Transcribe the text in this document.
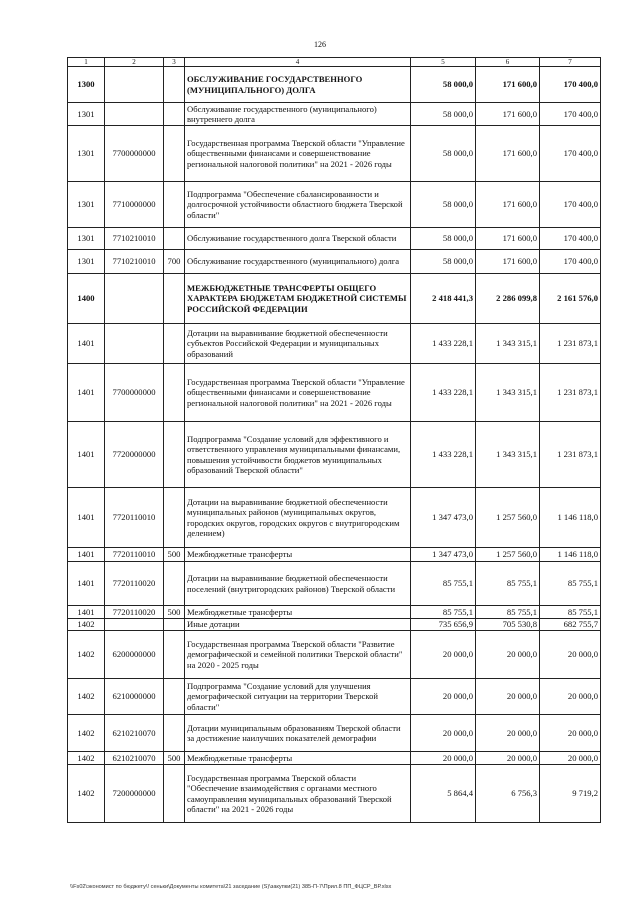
126
1	2	3	4	5	6	7
1300			ОБСЛУЖИВАНИЕ ГОСУДАРСТВЕННОГО (МУНИЦИПАЛЬНОГО) ДОЛГА	58 000,0	171 600,0	170 400,0
1301			Обслуживание государственного (муниципального) внутреннего долга	58 000,0	171 600,0	170 400,0
1301	7700000000		Государственная программа Тверской области "Управление общественными финансами и совершенствование региональной налоговой политики" на 2021 - 2026 годы	58 000,0	171 600,0	170 400,0
1301	7710000000		Подпрограмма "Обеспечение сбалансированности и долгосрочной устойчивости областного бюджета Тверской области"	58 000,0	171 600,0	170 400,0
1301	7710210010		Обслуживание государственного долга Тверской области	58 000,0	171 600,0	170 400,0
1301	7710210010	700	Обслуживание государственного (муниципального) долга	58 000,0	171 600,0	170 400,0
1400			МЕЖБЮДЖЕТНЫЕ ТРАНСФЕРТЫ ОБЩЕГО ХАРАКТЕРА БЮДЖЕТАМ БЮДЖЕТНОЙ СИСТЕМЫ РОССИЙСКОЙ ФЕДЕРАЦИИ	2 418 441,3	2 286 099,8	2 161 576,0
1401			Дотации на выравнивание бюджетной обеспеченности субъектов Российской Федерации и муниципальных образований	1 433 228,1	1 343 315,1	1 231 873,1
1401	7700000000		Государственная программа Тверской области "Управление общественными финансами и совершенствование региональной налоговой политики" на 2021 - 2026 годы	1 433 228,1	1 343 315,1	1 231 873,1
1401	7720000000		Подпрограмма "Создание условий для эффективного и ответственного управления муниципальными финансами, повышения устойчивости бюджетов муниципальных образований Тверской области"	1 433 228,1	1 343 315,1	1 231 873,1
1401	7720110010		Дотации на выравнивание бюджетной обеспеченности муниципальных районов (муниципальных округов, городских округов, городских округов с внутригородским делением)	1 347 473,0	1 257 560,0	1 146 118,0
1401	7720110010	500	Межбюджетные трансферты	1 347 473,0	1 257 560,0	1 146 118,0
1401	7720110020		Дотации на выравнивание бюджетной обеспеченности поселений (внутригородских районов) Тверской области	85 755,1	85 755,1	85 755,1
1401	7720110020	500	Межбюджетные трансферты	85 755,1	85 755,1	85 755,1
1402			Иные дотации	735 656,9	705 530,8	682 755,7
1402	6200000000		Государственная программа Тверской области "Развитие демографической и семейной политики Тверской области" на 2020 - 2025 годы	20 000,0	20 000,0	20 000,0
1402	6210000000		Подпрограмма "Создание условий для улучшения демографической ситуации на территории Тверской области"	20 000,0	20 000,0	20 000,0
1402	6210210070		Дотации муниципальным образованиям Тверской области за достижение наилучших показателей демографии	20 000,0	20 000,0	20 000,0
1402	6210210070	500	Межбюджетные трансферты	20 000,0	20 000,0	20 000,0
1402	7200000000		Государственная программа Тверской области "Обеспечение взаимодействия с органами местного самоуправления муниципальных образований Тверской области" на 2021 - 2026 годы	5 864,4	6 756,3	9 719,2
\\Fs02\экономист по бюджету\! сеньки\Документы комитета\21 заседание (S)\закупки(21) 385-П-7\Прил.8 ПП_ФЦСР_ВР.xlsx
